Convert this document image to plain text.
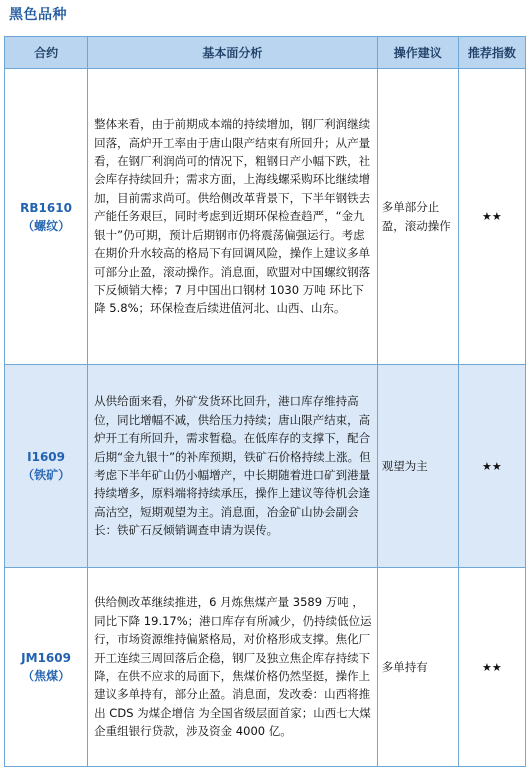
黑色品种
合约	基本面分析	操作建议	推荐指数

RB1610
（螺纹）	整体来看，由于前期成本端的持续增加，钢厂利润继续回落，高炉开工率由于唐山限产结束有所回升；从产量看，在钢厂利润尚可的情况下，粗钢日产小幅下跌，社会库存持续回升；需求方面，上海线螺采购环比继续增加，目前需求尚可。供给侧改革背景下，下半年钢铁去产能任务艰巨，同时考虑到近期环保检查趋严，“金九银十”仍可期，预计后期钢市仍将震荡偏强运行。考虑在期价升水较高的格局下有回调风险，操作上建议多单可部分止盈，滚动操作。消息面，欧盟对中国螺纹钢落下反倾销大棒；7 月中国出口钢材 1030 万吨 环比下降 5.8%；环保检查后续进值河北、山西、山东。	多单部分止盈，滚动操作	★★

I1609
（铁矿）	从供给面来看，外矿发货环比回升，港口库存维持高位，同比增幅不减，供给压力持续；唐山限产结束，高炉开工有所回升，需求暂稳。在低库存的支撑下，配合后期“金九银十”的补库预期，铁矿石价格持续上涨。但考虑下半年矿山仍小幅增产，中长期随着进口矿到港量持续增多，原料端将持续承压，操作上建议等待机会逢高沽空，短期观望为主。消息面，冶金矿山协会副会长：铁矿石反倾销调查申请为误传。	观望为主	★★

JM1609
（焦煤）	供给侧改革继续推进，6 月炼焦煤产量 3589 万吨 ，同比下降 19.17%；港口库存有所减少，仍持续低位运行，市场资源维持偏紧格局，对价格形成支撑。焦化厂开工连续三周回落后企稳，钢厂及独立焦企库存持续下降，在供不应求的局面下，焦煤价格仍然坚挺，操作上建议多单持有，部分止盈。消息面，发改委：山西将推出 CDS 为煤企增信 为全国省级层面首家；山西七大煤企重组银行贷款，涉及资金 4000 亿。	多单持有	★★
